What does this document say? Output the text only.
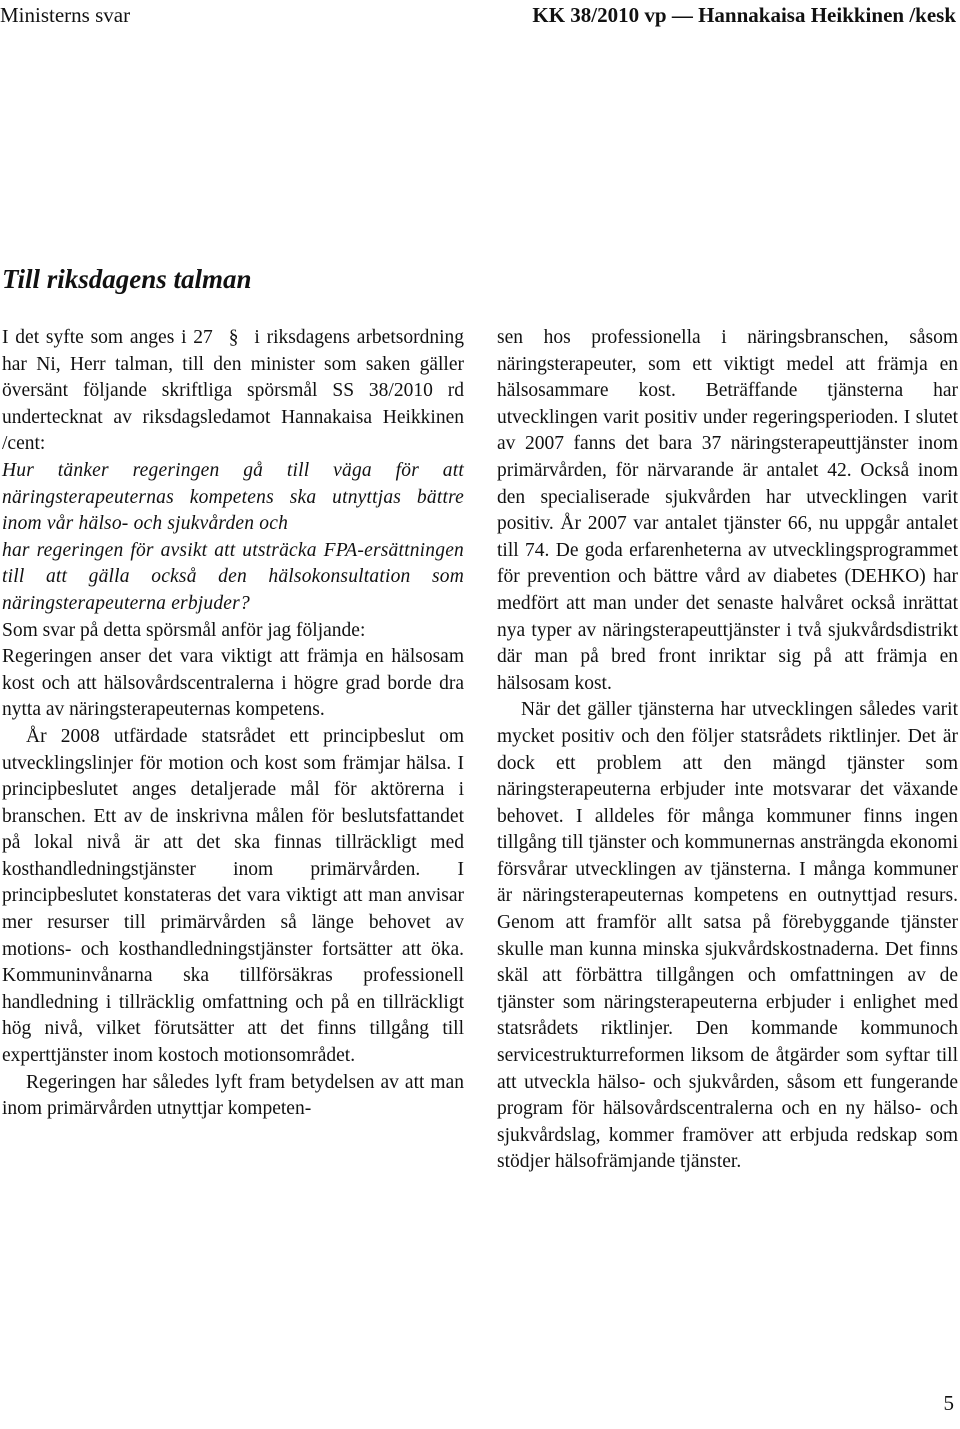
Ministerns svar	KK 38/2010 vp — Hannakaisa Heikkinen /kesk
Till riksdagens talman

I det syfte som anges i 27 § i riksdagens arbetsordning har Ni, Herr talman, till den minister som saken gäller översänt följande skriftliga spörsmål SS 38/2010 rd undertecknat av riksdagsledamot Hannakaisa Heikkinen /cent:

Hur tänker regeringen gå till väga för att näringsterapeuternas kompetens ska utnyttjas bättre inom vår hälso- och sjukvården och

har regeringen för avsikt att utsträcka FPA-ersättningen till att gälla också den hälsokonsultation som näringsterapeuterna erbjuder?

Som svar på detta spörsmål anför jag följande:

Regeringen anser det vara viktigt att främja en hälsosam kost och att hälsovårdscentralerna i högre grad borde dra nytta av näringsterapeuternas kompetens.

År 2008 utfärdade statsrådet ett principbeslut om utvecklingslinjer för motion och kost som främjar hälsa. I principbeslutet anges detaljerade mål för aktörerna i branschen. Ett av de inskrivna målen för beslutsfattandet på lokal nivå är att det ska finnas tillräckligt med kosthandledningstjänster inom primärvården. I principbeslutet konstateras det vara viktigt att man anvisar mer resurser till primärvården så länge behovet av motions- och kosthandledningstjänster fortsätter att öka. Kommuninvånarna ska tillförsäkras professionell handledning i tillräcklig omfattning och på en tillräckligt hög nivå, vilket förutsätter att det finns tillgång till experttjänster inom kostoch motionsområdet.

Regeringen har således lyft fram betydelsen av att man inom primärvården utnyttjar kompeten-

sen hos professionella i näringsbranschen, såsom näringsterapeuter, som ett viktigt medel att främja en hälsosammare kost. Beträffande tjänsterna har utvecklingen varit positiv under regeringsperioden. I slutet av 2007 fanns det bara 37 näringsterapeuttjänster inom primärvården, för närvarande är antalet 42. Också inom den specialiserade sjukvården har utvecklingen varit positiv. År 2007 var antalet tjänster 66, nu uppgår antalet till 74. De goda erfarenheterna av utvecklingsprogrammet för prevention och bättre vård av diabetes (DEHKO) har medfört att man under det senaste halvåret också inrättat nya typer av näringsterapeuttjänster i två sjukvårdsdistrikt där man på bred front inriktar sig på att främja en hälsosam kost.

När det gäller tjänsterna har utvecklingen således varit mycket positiv och den följer statsrådets riktlinjer. Det är dock ett problem att den mängd tjänster som näringsterapeuterna erbjuder inte motsvarar det växande behovet. I alldeles för många kommuner finns ingen tillgång till tjänster och kommunernas ansträngda ekonomi försvårar utvecklingen av tjänsterna. I många kommuner är näringsterapeuternas kompetens en outnyttjad resurs. Genom att framför allt satsa på förebyggande tjänster skulle man kunna minska sjukvårdskostnaderna. Det finns skäl att förbättra tillgången och omfattningen av de tjänster som näringsterapeuterna erbjuder i enlighet med statsrådets riktlinjer. Den kommande kommunoch servicestrukturreformen liksom de åtgärder som syftar till att utveckla hälso- och sjukvården, såsom ett fungerande program för hälsovårdscentralerna och en ny hälso- och sjukvårdslag, kommer framöver att erbjuda redskap som stödjer hälsofrämjande tjänster.

5
